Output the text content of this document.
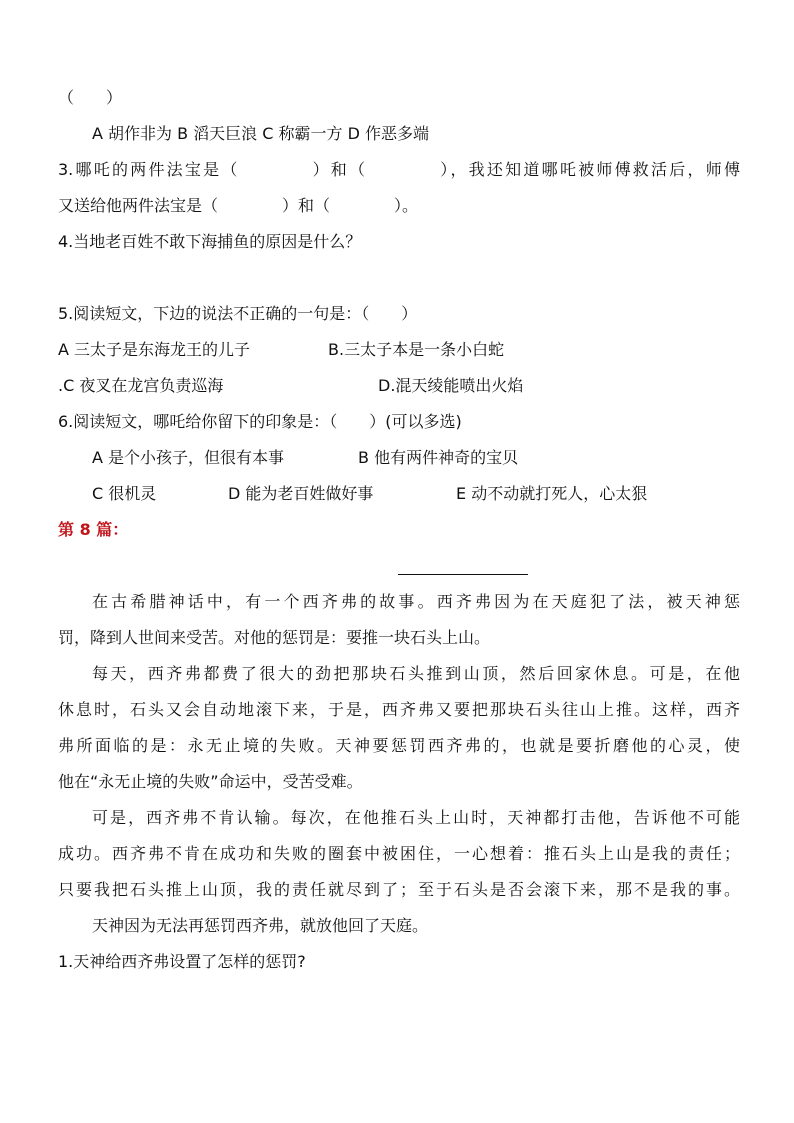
（　　）
A 胡作非为 B 滔天巨浪 C 称霸一方 D 作恶多端
3.哪吒的两件法宝是（　　　　）和（　　　　），我还知道哪吒被师傅救活后，师傅
又送给他两件法宝是（　　　　）和（　　　　）。
4.当地老百姓不敢下海捕鱼的原因是什么？
5.阅读短文，下边的说法不正确的一句是：（　　）
A 三太子是东海龙王的儿子	B.三太子本是一条小白蛇
.C 夜叉在龙宫负责巡海	D.混天绫能喷出火焰
6.阅读短文，哪吒给你留下的印象是：（　　）(可以多选)
A 是个小孩子，但很有本事	B 他有两件神奇的宝贝
C 很机灵	D 能为老百姓做好事	E 动不动就打死人，心太狠
第 8 篇：
在古希腊神话中，有一个西齐弗的故事。西齐弗因为在天庭犯了法，被天神惩
罚，降到人世间来受苦。对他的惩罚是：要推一块石头上山。
每天，西齐弗都费了很大的劲把那块石头推到山顶，然后回家休息。可是，在他
休息时，石头又会自动地滚下来，于是，西齐弗又要把那块石头往山上推。这样，西齐
弗所面临的是：永无止境的失败。天神要惩罚西齐弗的，也就是要折磨他的心灵，使
他在“永无止境的失败”命运中，受苦受难。
可是，西齐弗不肯认输。每次，在他推石头上山时，天神都打击他，告诉他不可能
成功。西齐弗不肯在成功和失败的圈套中被困住，一心想着：推石头上山是我的责任；
只要我把石头推上山顶，我的责任就尽到了；至于石头是否会滚下来，那不是我的事。
天神因为无法再惩罚西齐弗，就放他回了天庭。
1.天神给西齐弗设置了怎样的惩罚?
